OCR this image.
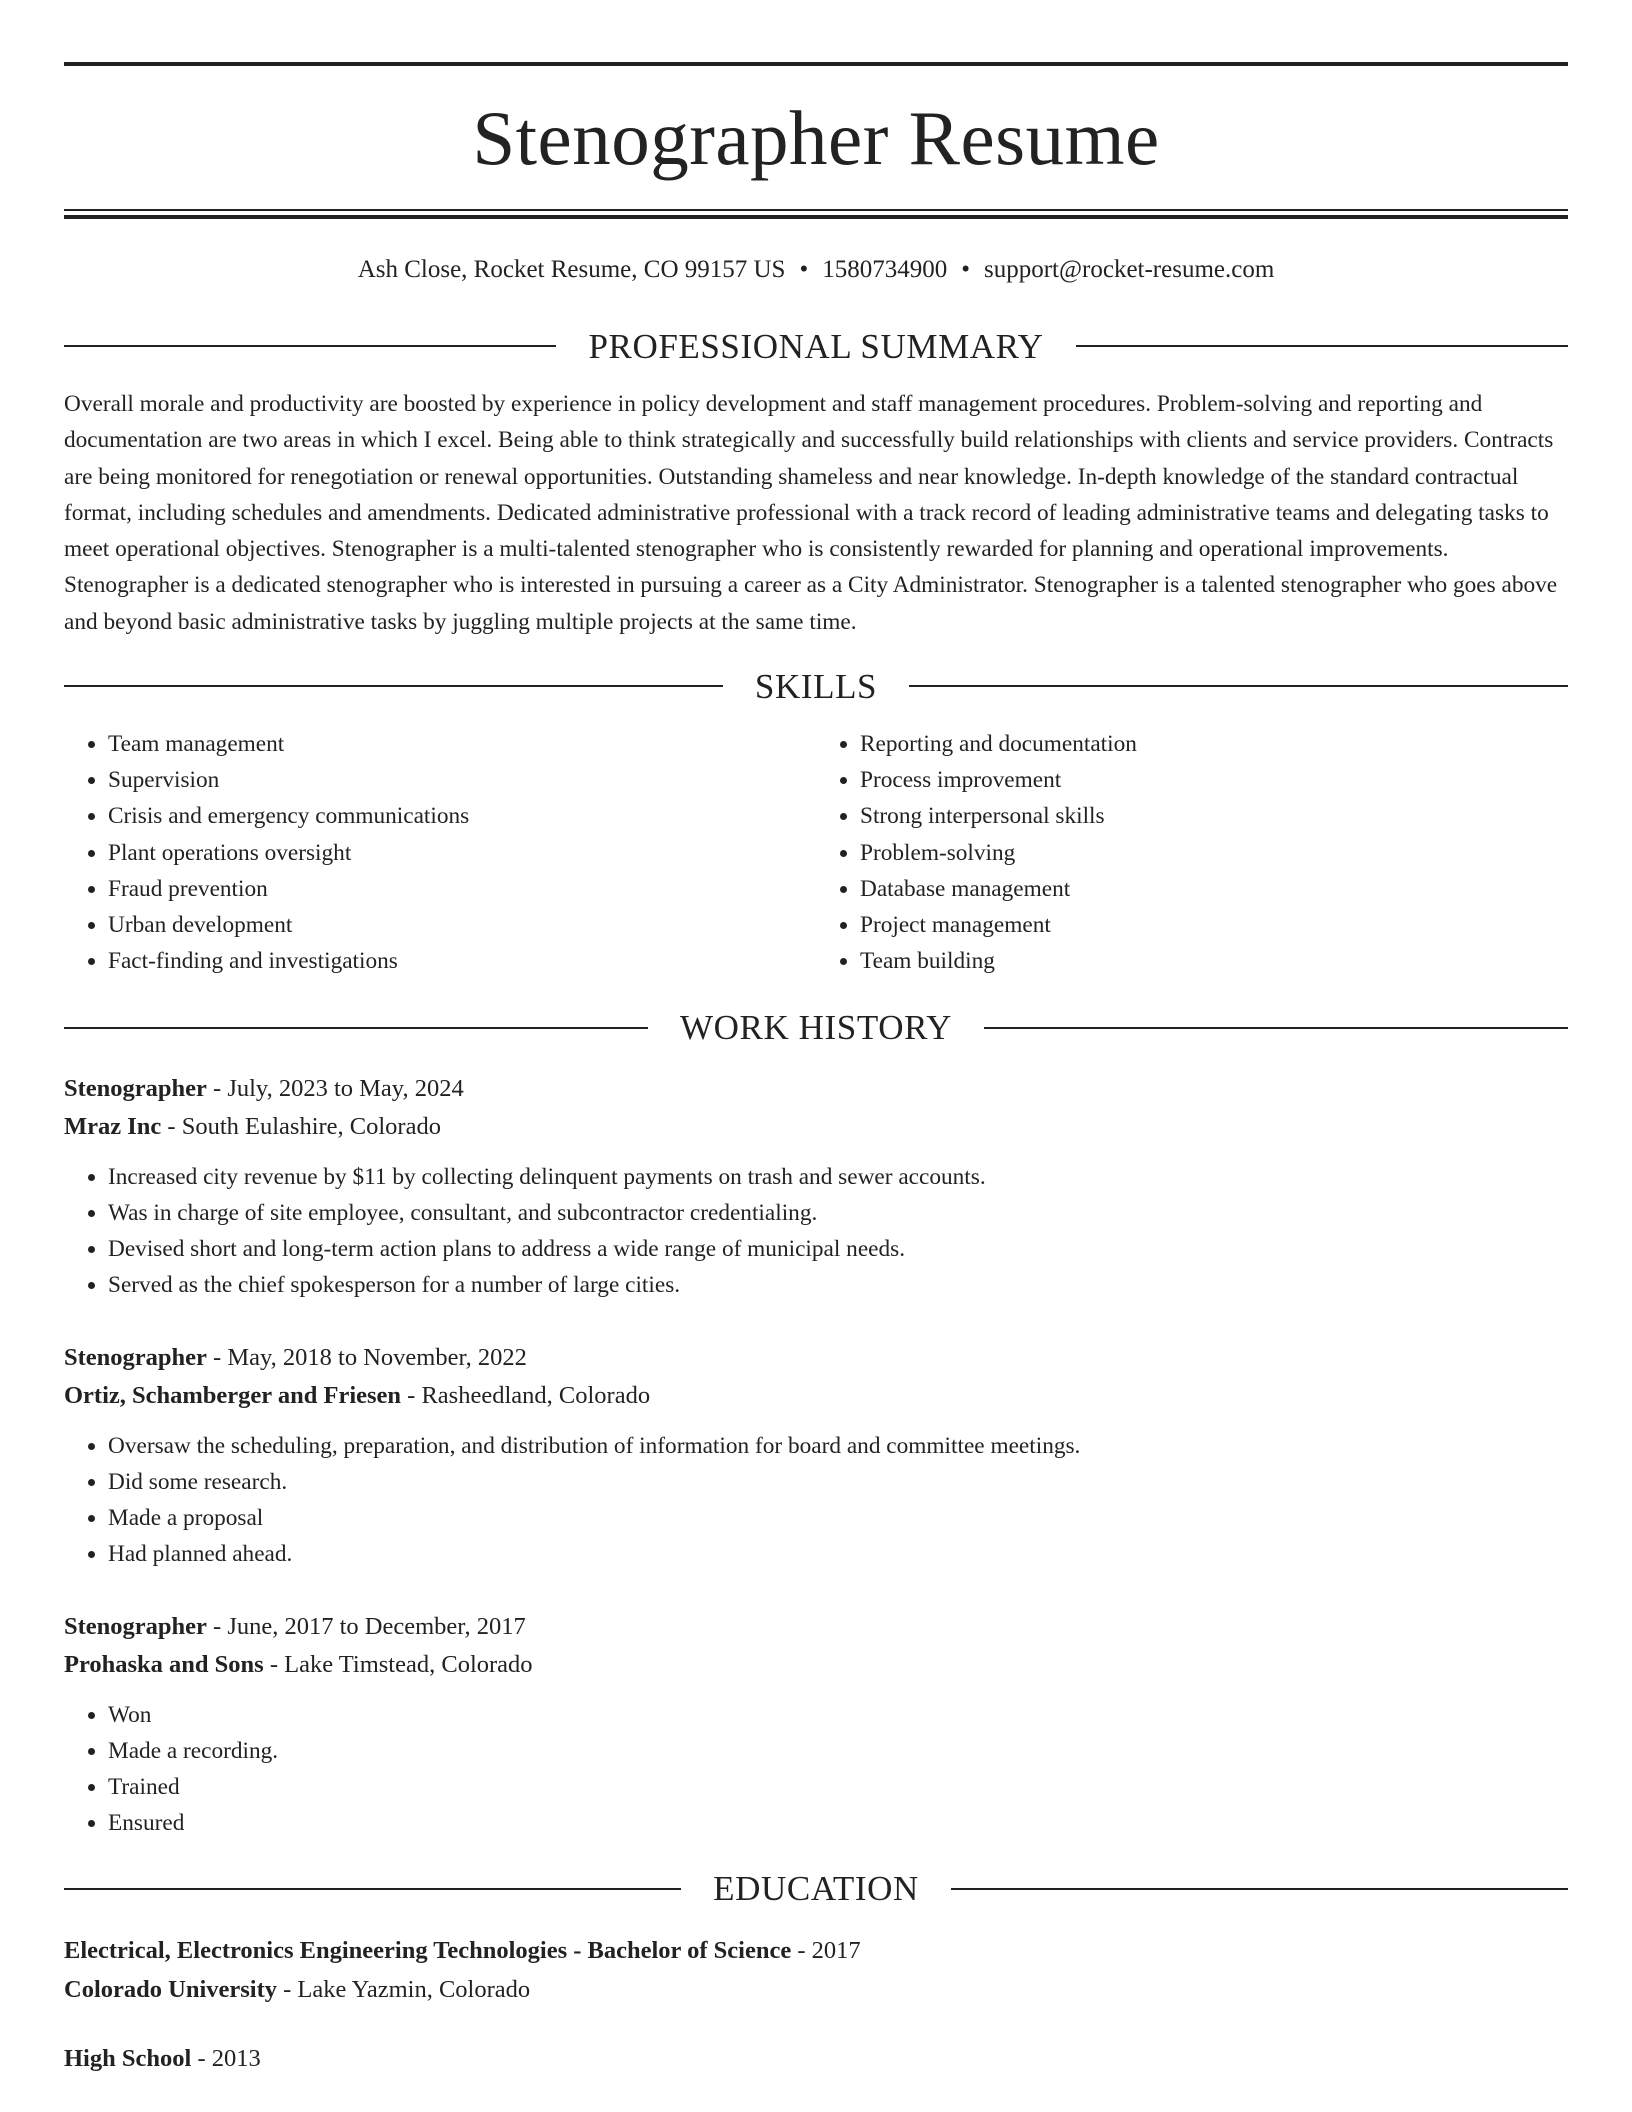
Stenographer Resume
Ash Close, Rocket Resume, CO 99157 US • 1580734900 • support@rocket-resume.com
PROFESSIONAL SUMMARY
Overall morale and productivity are boosted by experience in policy development and staff management procedures. Problem-solving and reporting and documentation are two areas in which I excel. Being able to think strategically and successfully build relationships with clients and service providers. Contracts are being monitored for renegotiation or renewal opportunities. Outstanding shameless and near knowledge. In-depth knowledge of the standard contractual format, including schedules and amendments. Dedicated administrative professional with a track record of leading administrative teams and delegating tasks to meet operational objectives. Stenographer is a multi-talented stenographer who is consistently rewarded for planning and operational improvements. Stenographer is a dedicated stenographer who is interested in pursuing a career as a City Administrator. Stenographer is a talented stenographer who goes above and beyond basic administrative tasks by juggling multiple projects at the same time.
SKILLS
• Team management
• Supervision
• Crisis and emergency communications
• Plant operations oversight
• Fraud prevention
• Urban development
• Fact-finding and investigations
• Reporting and documentation
• Process improvement
• Strong interpersonal skills
• Problem-solving
• Database management
• Project management
• Team building
WORK HISTORY
Stenographer - July, 2023 to May, 2024
Mraz Inc - South Eulashire, Colorado
• Increased city revenue by $11 by collecting delinquent payments on trash and sewer accounts.
• Was in charge of site employee, consultant, and subcontractor credentialing.
• Devised short and long-term action plans to address a wide range of municipal needs.
• Served as the chief spokesperson for a number of large cities.
Stenographer - May, 2018 to November, 2022
Ortiz, Schamberger and Friesen - Rasheedland, Colorado
• Oversaw the scheduling, preparation, and distribution of information for board and committee meetings.
• Did some research.
• Made a proposal
• Had planned ahead.
Stenographer - June, 2017 to December, 2017
Prohaska and Sons - Lake Timstead, Colorado
• Won
• Made a recording.
• Trained
• Ensured
EDUCATION
Electrical, Electronics Engineering Technologies - Bachelor of Science - 2017
Colorado University - Lake Yazmin, Colorado
High School - 2013
